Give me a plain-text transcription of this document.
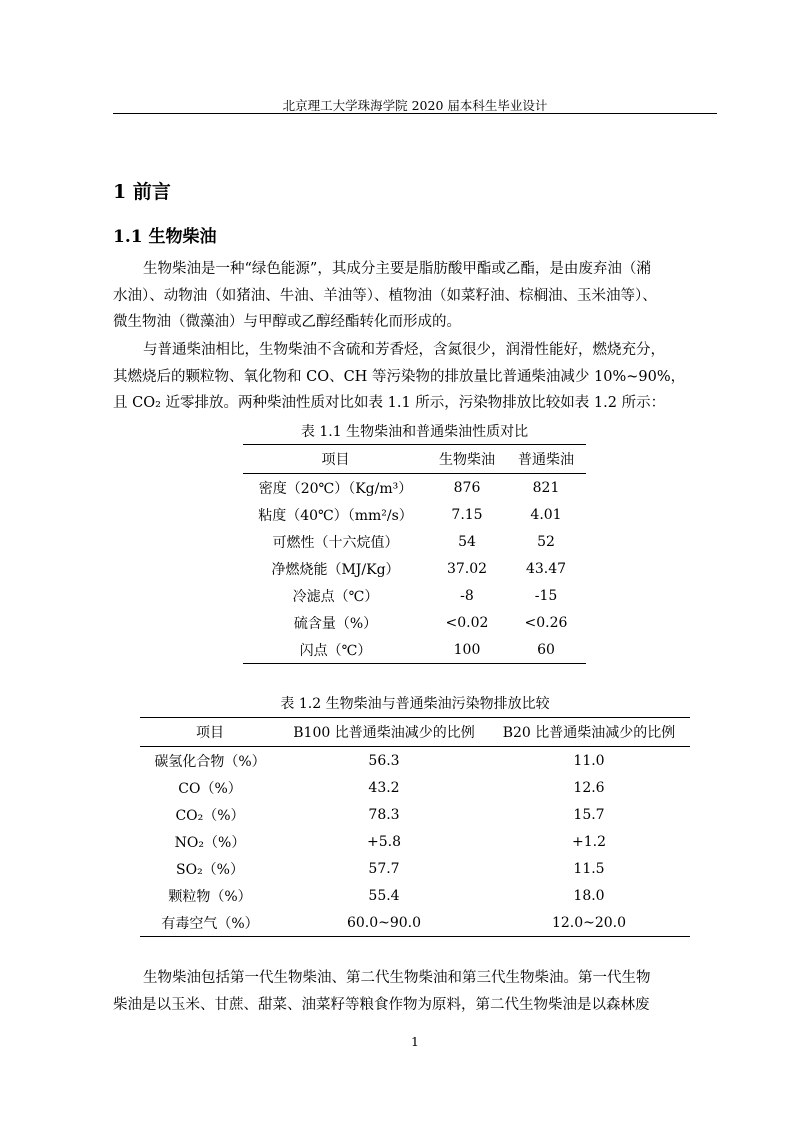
北京理工大学珠海学院 2020 届本科生毕业设计
1 前言
1.1 生物柴油
生物柴油是一种“绿色能源”，其成分主要是脂肪酸甲酯或乙酯，是由废弃油（潲
水油）、动物油（如猪油、牛油、羊油等）、植物油（如菜籽油、棕榈油、玉米油等）、
微生物油（微藻油）与甲醇或乙醇经酯转化而形成的。
与普通柴油相比，生物柴油不含硫和芳香烃，含氮很少，润滑性能好，燃烧充分，
其燃烧后的颗粒物、氧化物和 CO、CH 等污染物的排放量比普通柴油减少 10%~90%，
且 CO₂ 近零排放。两种柴油性质对比如表 1.1 所示，污染物排放比较如表 1.2 所示：
表 1.1 生物柴油和普通柴油性质对比
项目	生物柴油	普通柴油
密度（20℃）（Kg/m³）	876	821
粘度（40℃）（mm²/s）	7.15	4.01
可燃性（十六烷值）	54	52
净燃烧能（MJ/Kg）	37.02	43.47
冷滤点（℃）	-8	-15
硫含量（%）	<0.02	<0.26
闪点（℃）	100	60
表 1.2 生物柴油与普通柴油污染物排放比较
项目	B100 比普通柴油减少的比例	B20 比普通柴油减少的比例
碳氢化合物（%）	56.3	11.0
CO（%）	43.2	12.6
CO₂（%）	78.3	15.7
NO₂（%）	+5.8	+1.2
SO₂（%）	57.7	11.5
颗粒物（%）	55.4	18.0
有毒空气（%）	60.0~90.0	12.0~20.0
生物柴油包括第一代生物柴油、第二代生物柴油和第三代生物柴油。第一代生物
柴油是以玉米、甘蔗、甜菜、油菜籽等粮食作物为原料，第二代生物柴油是以森林废
1
